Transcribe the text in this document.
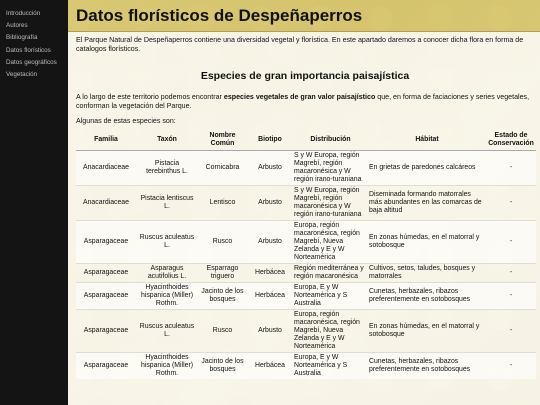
Introducción
Autores
Bibliografía
Datos florísticos
Datos geográficos
Vegetación
Datos florísticos de Despeñaperros

El Parque Natural de Despeñaperros contiene una diversidad vegetal y florística. En este apartado daremos a conocer dicha flora en forma de catalogos florísticos.

Especies de gran importancia paisajística

A lo largo de este territorio podemos encontrar especies vegetales de gran valor paisajístico que, en forma de faciaciones y series vegetales, conforman la vegetación del Parque.

Algunas de estas especies son:

Familia	Taxón	Nombre Común	Biotipo	Distribución	Hábitat	Estado de Conservación
Anacardiaceae	Pistacia terebinthus L.	Cornicabra	Arbusto	S y W Europa, región Magrebí, región macaronésica y W región irano-turaniana	En grietas de paredones calcáreos	-
Anacardiaceae	Pistacia lentiscus L.	Lentisco	Arbusto	S y W Europa, región Magrebí, región macaronésica y W región irano-turaniana	Diseminada formando matorrales más abundantes en las comarcas de baja altitud	-
Asparagaceae	Ruscus aculeatus L.	Rusco	Arbusto	Europa, región macaronésica, región Magrebí, Nueva Zelanda y E y W Norteamérica	En zonas húmedas, en el matorral y sotobosque	-
Asparagaceae	Asparagus acutifolius L.	Esparrago triguero	Herbácea	Región mediterránea y región macaronésica	Cultivos, setos, taludes, bosques y matorrales	-
Asparagaceae	Hyacinthoides hispanica (Miller) Rothm.	Jacinto de los bosques	Herbácea	Europa, E y W Norteamérica y S Australia	Cunetas, herbazales, ribazos preferentemente en sotobosques	-
Asparagaceae	Ruscus aculeatus L.	Rusco	Arbusto	Europa, región macaronésica, región Magrebí, Nueva Zelanda y E y W Norteamérica	En zonas húmedas, en el matorral y sotobosque	-
Asparagaceae	Hyacinthoides hispanica (Miller) Rothm.	Jacinto de los bosques	Herbácea	Europa, E y W Norteamérica y S Australia	Cunetas, herbazales, ribazos preferentemente en sotobosques	-
